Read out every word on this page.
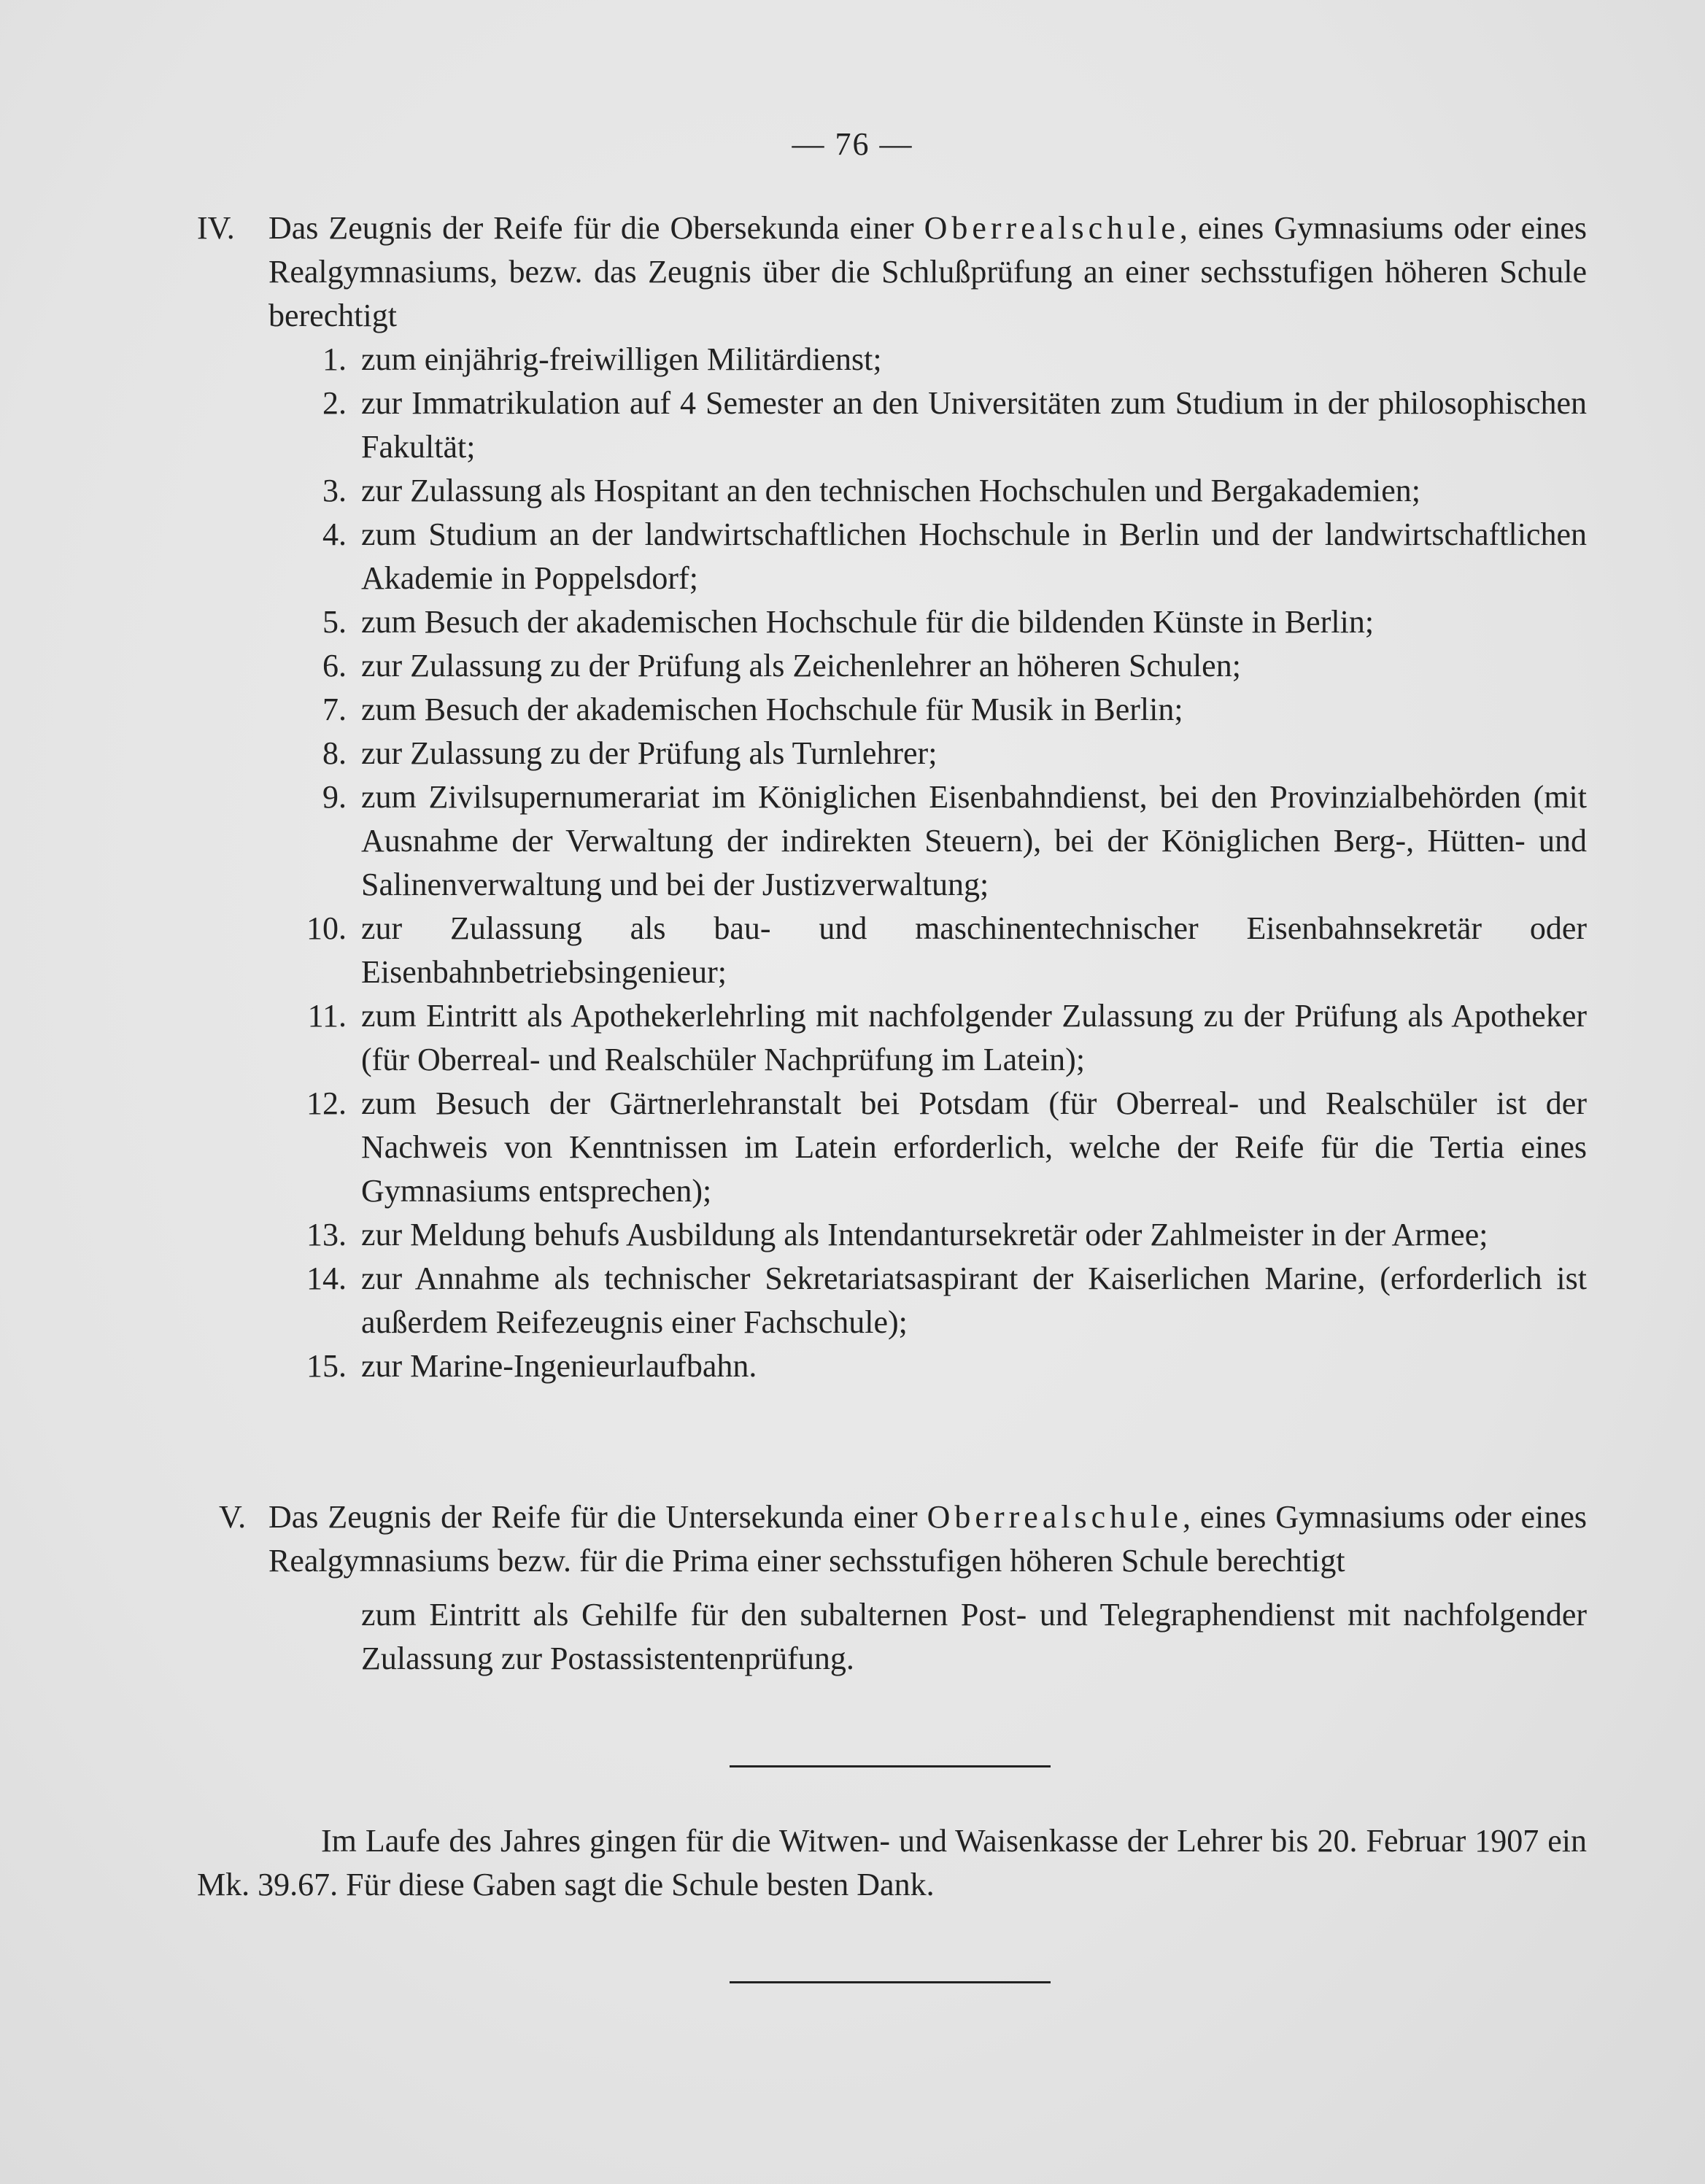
— 76 —
IV. Das Zeugnis der Reife für die Obersekunda einer Oberrealschule, eines Gymnasiums oder eines Realgymnasiums, bezw. das Zeugnis über die Schlußprüfung an einer sechsstufigen höheren Schule berechtigt
1. zum einjährig-freiwilligen Militärdienst;
2. zur Immatrikulation auf 4 Semester an den Universitäten zum Studium in der philosophischen Fakultät;
3. zur Zulassung als Hospitant an den technischen Hochschulen und Bergakademien;
4. zum Studium an der landwirtschaftlichen Hochschule in Berlin und der landwirtschaftlichen Akademie in Poppelsdorf;
5. zum Besuch der akademischen Hochschule für die bildenden Künste in Berlin;
6. zur Zulassung zu der Prüfung als Zeichenlehrer an höheren Schulen;
7. zum Besuch der akademischen Hochschule für Musik in Berlin;
8. zur Zulassung zu der Prüfung als Turnlehrer;
9. zum Zivilsupernumerariat im Königlichen Eisenbahndienst, bei den Provinzialbehörden (mit Ausnahme der Verwaltung der indirekten Steuern), bei der Königlichen Berg-, Hütten- und Salinenverwaltung und bei der Justizverwaltung;
10. zur Zulassung als bau- und maschinentechnischer Eisenbahnsekretär oder Eisenbahnbetriebsingenieur;
11. zum Eintritt als Apothekerlehrling mit nachfolgender Zulassung zu der Prüfung als Apotheker (für Oberreal- und Realschüler Nachprüfung im Latein);
12. zum Besuch der Gärtnerlehranstalt bei Potsdam (für Oberreal- und Realschüler ist der Nachweis von Kenntnissen im Latein erforderlich, welche der Reife für die Tertia eines Gymnasiums entsprechen);
13. zur Meldung behufs Ausbildung als Intendantursekretär oder Zahlmeister in der Armee;
14. zur Annahme als technischer Sekretariatsaspirant der Kaiserlichen Marine, (erforderlich ist außerdem Reifezeugnis einer Fachschule);
15. zur Marine-Ingenieurlaufbahn.
V. Das Zeugnis der Reife für die Untersekunda einer Oberrealschule, eines Gymnasiums oder eines Realgymnasiums bezw. für die Prima einer sechsstufigen höheren Schule berechtigt
zum Eintritt als Gehilfe für den subalternen Post- und Telegraphendienst mit nachfolgender Zulassung zur Postassistentenprüfung.
Im Laufe des Jahres gingen für die Witwen- und Waisenkasse der Lehrer bis 20. Februar 1907 ein Mk. 39.67. Für diese Gaben sagt die Schule besten Dank.
